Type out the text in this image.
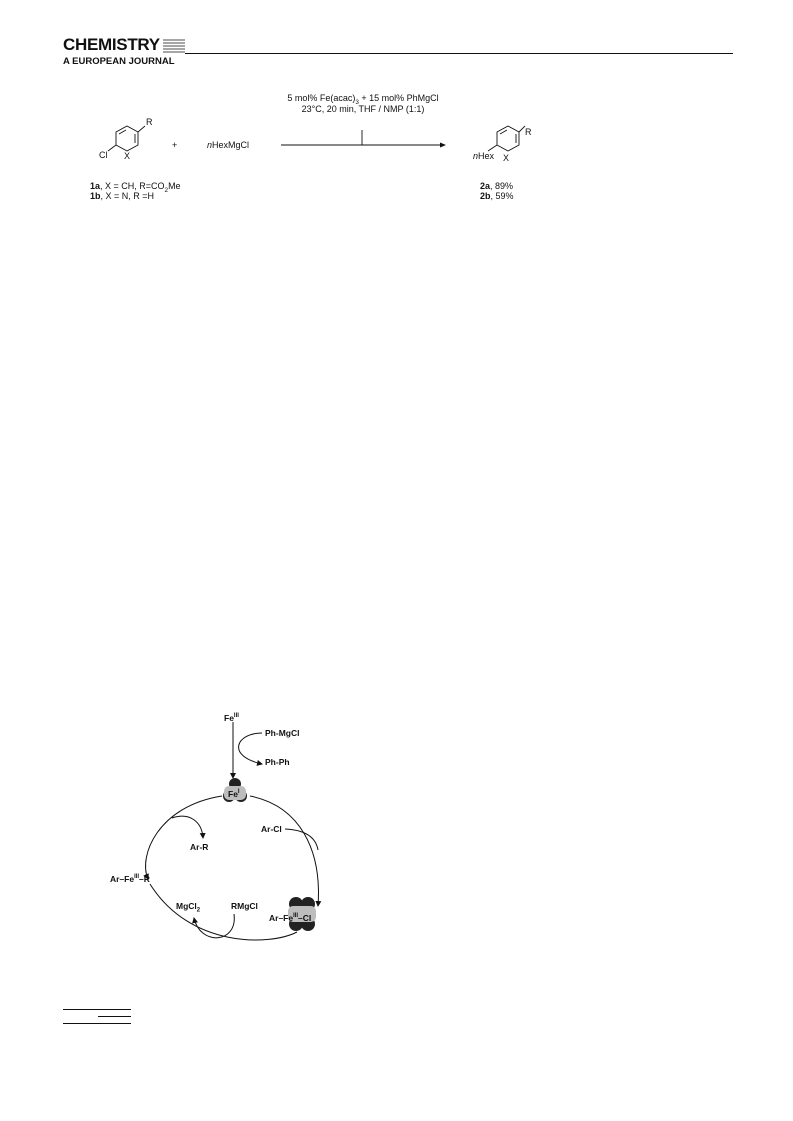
CHEMISTRY
A EUROPEAN JOURNAL
5 mol% $Fe(acac)_3 + 15$ mol% PhMgCl
23°C, 20 min, THF / NMP (1:1)
R
Cl X
+	nHexMgCl
R
nHex X
1a, X = CH, $R=CO_2Me$
1b, X = N, R =H
2a, 89%
2b, 59%
$Fe^{III}$
Ph-MgCl
Ph-Ph
$Fe^I$
Ar-Cl
Ar-R
$Ar-Fe^{III}-R$
MgCl$_2$	RMgCl
$Ar-Fe^{III}-Cl$
